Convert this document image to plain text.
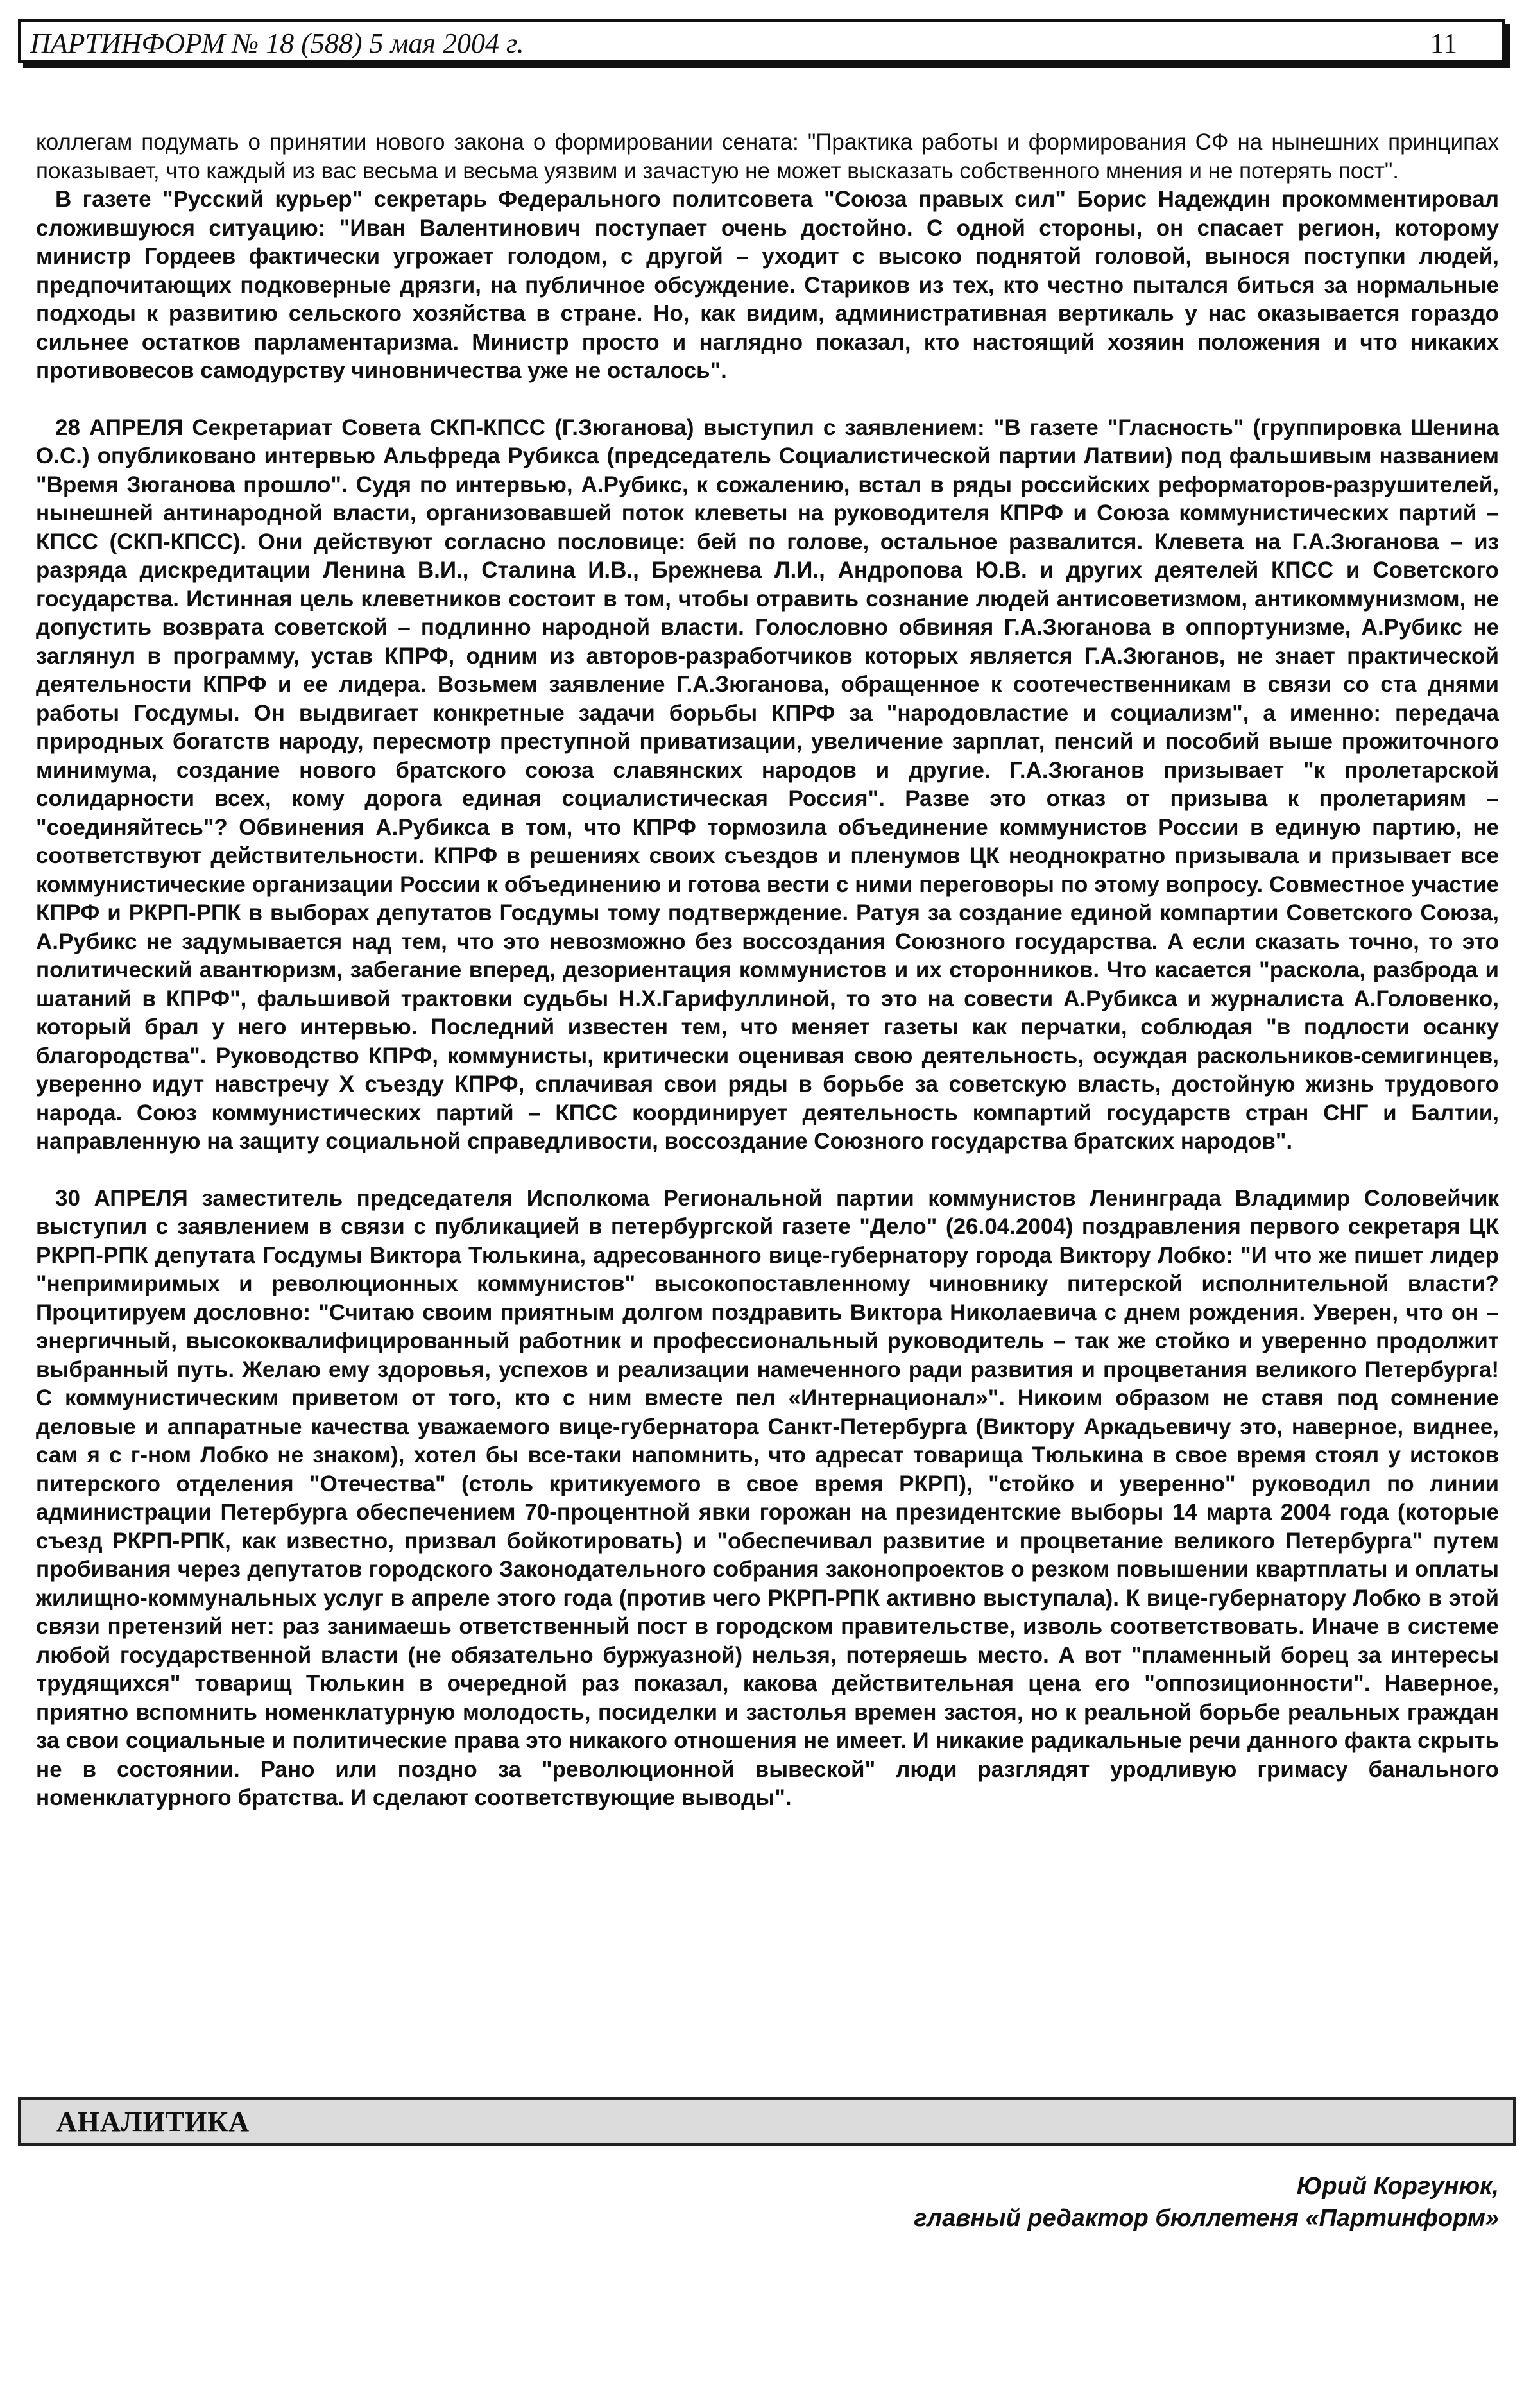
ПАРТИНФОРМ № 18 (588) 5 мая 2004 г.	11

коллегам подумать о принятии нового закона о формировании сената: "Практика работы и формирования СФ на нынешних принципах показывает, что каждый из вас весьма и весьма уязвим и зачастую не может высказать собственного мнения и не потерять пост".

В газете "Русский курьер" секретарь Федерального политсовета "Союза правых сил" Борис Надеждин прокомментировал сложившуюся ситуацию: "Иван Валентинович поступает очень достойно. С одной стороны, он спасает регион, которому министр Гордеев фактически угрожает голодом, с другой – уходит с высоко поднятой головой, вынося поступки людей, предпочитающих подковерные дрязги, на публичное обсуждение. Стариков из тех, кто честно пытался биться за нормальные подходы к развитию сельского хозяйства в стране. Но, как видим, административная вертикаль у нас оказывается гораздо сильнее остатков парламентаризма. Министр просто и наглядно показал, кто настоящий хозяин положения и что никаких противовесов самодурству чиновничества уже не осталось".

28 АПРЕЛЯ Секретариат Совета СКП-КПСС (Г.Зюганова) выступил с заявлением: "В газете "Гласность" (группировка Шенина О.С.) опубликовано интервью Альфреда Рубикса (председатель Социалистической партии Латвии) под фальшивым названием "Время Зюганова прошло". Судя по интервью, А.Рубикс, к сожалению, встал в ряды российских реформаторов-разрушителей, нынешней антинародной власти, организовавшей поток клеветы на руководителя КПРФ и Союза коммунистических партий – КПСС (СКП-КПСС). Они действуют согласно пословице: бей по голове, остальное развалится. Клевета на Г.А.Зюганова – из разряда дискредитации Ленина В.И., Сталина И.В., Брежнева Л.И., Андропова Ю.В. и других деятелей КПСС и Советского государства. Истинная цель клеветников состоит в том, чтобы отравить сознание людей антисоветизмом, антикоммунизмом, не допустить возврата советской – подлинно народной власти. Голословно обвиняя Г.А.Зюганова в оппортунизме, А.Рубикс не заглянул в программу, устав КПРФ, одним из авторов-разработчиков которых является Г.А.Зюганов, не знает практической деятельности КПРФ и ее лидера. Возьмем заявление Г.А.Зюганова, обращенное к соотечественникам в связи со ста днями работы Госдумы. Он выдвигает конкретные задачи борьбы КПРФ за "народовластие и социализм", а именно: передача природных богатств народу, пересмотр преступной приватизации, увеличение зарплат, пенсий и пособий выше прожиточного минимума, создание нового братского союза славянских народов и другие. Г.А.Зюганов призывает "к пролетарской солидарности всех, кому дорога единая социалистическая Россия". Разве это отказ от призыва к пролетариям – "соединяйтесь"? Обвинения А.Рубикса в том, что КПРФ тормозила объединение коммунистов России в единую партию, не соответствуют действительности. КПРФ в решениях своих съездов и пленумов ЦК неоднократно призывала и призывает все коммунистические организации России к объединению и готова вести с ними переговоры по этому вопросу. Совместное участие КПРФ и РКРП-РПК в выборах депутатов Госдумы тому подтверждение. Ратуя за создание единой компартии Советского Союза, А.Рубикс не задумывается над тем, что это невозможно без воссоздания Союзного государства. А если сказать точно, то это политический авантюризм, забегание вперед, дезориентация коммунистов и их сторонников. Что касается "раскола, разброда и шатаний в КПРФ", фальшивой трактовки судьбы Н.Х.Гарифуллиной, то это на совести А.Рубикса и журналиста А.Головенко, который брал у него интервью. Последний известен тем, что меняет газеты как перчатки, соблюдая "в подлости осанку благородства". Руководство КПРФ, коммунисты, критически оценивая свою деятельность, осуждая раскольников-семигинцев, уверенно идут навстречу X съезду КПРФ, сплачивая свои ряды в борьбе за советскую власть, достойную жизнь трудового народа. Союз коммунистических партий – КПСС координирует деятельность компартий государств стран СНГ и Балтии, направленную на защиту социальной справедливости, воссоздание Союзного государства братских народов".

30 АПРЕЛЯ заместитель председателя Исполкома Региональной партии коммунистов Ленинграда Владимир Соловейчик выступил с заявлением в связи с публикацией в петербургской газете "Дело" (26.04.2004) поздравления первого секретаря ЦК РКРП-РПК депутата Госдумы Виктора Тюлькина, адресованного вице-губернатору города Виктору Лобко: "И что же пишет лидер "непримиримых и революционных коммунистов" высокопоставленному чиновнику питерской исполнительной власти? Процитируем дословно: "Считаю своим приятным долгом поздравить Виктора Николаевича с днем рождения. Уверен, что он – энергичный, высококвалифицированный работник и профессиональный руководитель – так же стойко и уверенно продолжит выбранный путь. Желаю ему здоровья, успехов и реализации намеченного ради развития и процветания великого Петербурга! С коммунистическим приветом от того, кто с ним вместе пел «Интернационал»". Никоим образом не ставя под сомнение деловые и аппаратные качества уважаемого вице-губернатора Санкт-Петербурга (Виктору Аркадьевичу это, наверное, виднее, сам я с г-ном Лобко не знаком), хотел бы все-таки напомнить, что адресат товарища Тюлькина в свое время стоял у истоков питерского отделения "Отечества" (столь критикуемого в свое время РКРП), "стойко и уверенно" руководил по линии администрации Петербурга обеспечением 70-процентной явки горожан на президентские выборы 14 марта 2004 года (которые съезд РКРП-РПК, как известно, призвал бойкотировать) и "обеспечивал развитие и процветание великого Петербурга" путем пробивания через депутатов городского Законодательного собрания законопроектов о резком повышении квартплаты и оплаты жилищно-коммунальных услуг в апреле этого года (против чего РКРП-РПК активно выступала). К вице-губернатору Лобко в этой связи претензий нет: раз занимаешь ответственный пост в городском правительстве, изволь соответствовать. Иначе в системе любой государственной власти (не обязательно буржуазной) нельзя, потеряешь место. А вот "пламенный борец за интересы трудящихся" товарищ Тюлькин в очередной раз показал, какова действительная цена его "оппозиционности". Наверное, приятно вспомнить номенклатурную молодость, посиделки и застолья времен застоя, но к реальной борьбе реальных граждан за свои социальные и политические права это никакого отношения не имеет. И никакие радикальные речи данного факта скрыть не в состоянии. Рано или поздно за "революционной вывеской" люди разглядят уродливую гримасу банального номенклатурного братства. И сделают соответствующие выводы".

АНАЛИТИКА
Юрий Коргунюк,
главный редактор бюллетеня «Партинформ»
